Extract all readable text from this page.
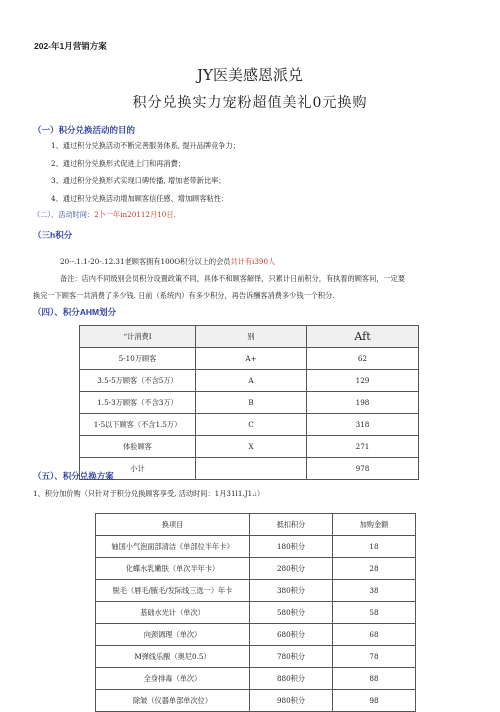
202-年1月营销方案
JY医美感恩派兑
积分兑换实力宠粉超值美礼0元换购
（一）积分兑换活动的目的
1、通过积分兑换活动不断完善服务体系, 提升品牌竞争力；
2、通过积分兑换形式促进上门和再消費；
3、通过积分兑换形式实现口碑传播, 增加老带新比率；
4、通过积分兑换活动增加顾客信任感、增加顾客粘性：
（二）、活动时间：2卜一年in20112月10日.
（三h积分
20--.1.1-20-.12.31老顾客拥有100O积分以上的会员共计有i390人
备注：店内不同级别会员积分设置政策不同，具体不和顾客解怿，只累计日前积分，有执着的顾客问，一定要
换完一下顾客一共消费了多少钱. 日前（系统内）有多少积分，再告诉酬客消费多少钱一个积分.
（四）、积分AHM划分
“计消费I	别	Aft
5-10万顾客	A+	62
3.5-5万顾客（不含5万）	A	129
1.5-3万顾客（不含3万）	B	198
1·5以下顾客（不含1.5万）	C	318
体验顾客	X	271
小计		978
（五）、积分兑换方案
1、积分加价购（只针对于积分兑换顾客享受, 活动时间：1月31l1.J1.:）
换项目	抵扣积分	加购金额
轴国小气泡面部清洁《单部位半年卡》	180积分	18
化蝶水乳嫩肤（单次半年卡）	280积分	28
脱毛（唇毛/腋毛/发际线三选一）年卡	380积分	38
基础水光计（单次）	580积分	58
向颈调理（单次）	680积分	68
M弹线乐酸（奥尼0.5）	780积分	78
全身排毒（单次）	880积分	88
除皱（仪器单部单次位）	980积分	98
